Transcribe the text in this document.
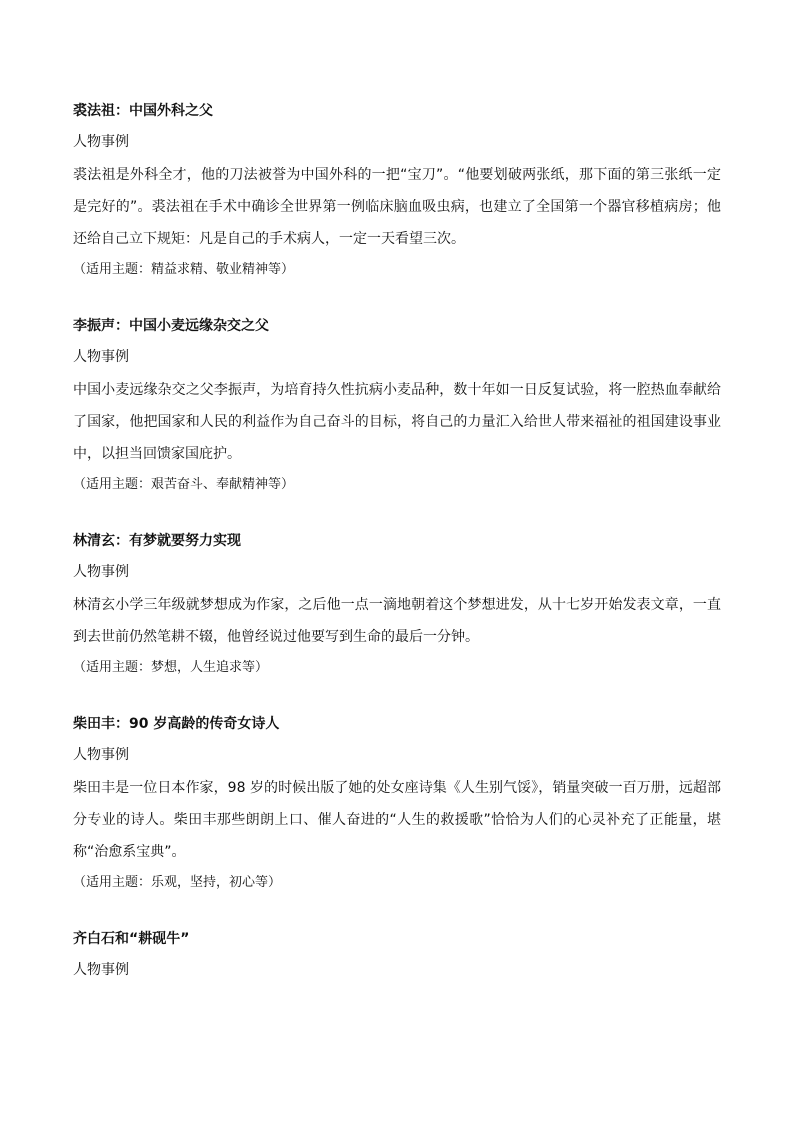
裘法祖：中国外科之父
人物事例

裘法祖是外科全才，他的刀法被誉为中国外科的一把“宝刀”。“他要划破两张纸，那下面的第三张纸一定是完好的”。裘法祖在手术中确诊全世界第一例临床脑血吸虫病，也建立了全国第一个器官移植病房；他还给自己立下规矩：凡是自己的手术病人，一定一天看望三次。

（适用主题：精益求精、敬业精神等）
李振声：中国小麦远缘杂交之父
人物事例

中国小麦远缘杂交之父李振声，为培育持久性抗病小麦品种，数十年如一日反复试验，将一腔热血奉献给了国家，他把国家和人民的利益作为自己奋斗的目标，将自己的力量汇入给世人带来福祉的祖国建设事业中，以担当回馈家国庇护。

（适用主题：艰苦奋斗、奉献精神等）
林清玄：有梦就要努力实现
人物事例

林清玄小学三年级就梦想成为作家，之后他一点一滴地朝着这个梦想进发，从十七岁开始发表文章，一直到去世前仍然笔耕不辍，他曾经说过他要写到生命的最后一分钟。

（适用主题：梦想，人生追求等）
柴田丰：90 岁高龄的传奇女诗人
人物事例

柴田丰是一位日本作家，98 岁的时候出版了她的处女座诗集《人生别气馁》，销量突破一百万册，远超部分专业的诗人。柴田丰那些朗朗上口、催人奋进的“人生的救援歌”恰恰为人们的心灵补充了正能量，堪称“治愈系宝典”。

（适用主题：乐观，坚持，初心等）
齐白石和“耕砚牛”
人物事例
